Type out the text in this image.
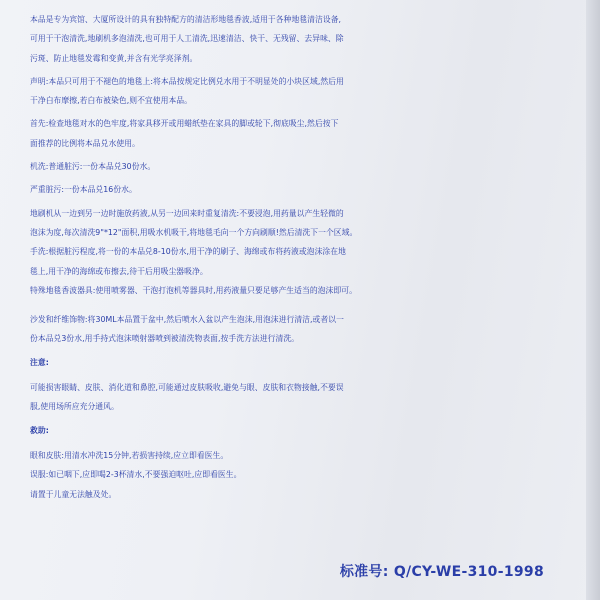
本品是专为宾馆、大厦所设计的具有独特配方的清洁形地毯香波,适用于各种地毯清洁设备,
可用于干泡清洗,地刷机多泡清洗,也可用于人工清洗,迅速清洁、快干、无残留、去异味、除
污斑、防止地毯发霉和变黄,并含有光学亮泽剂。
声明:本品只可用于不褪色的地毯上:将本品按规定比例兑水用于不明显处的小块区域,然后用
干净白布摩擦,若白布被染色,则不宜使用本品。
首先:检查地毯对水的色牢度,将家具移开或用蜡纸垫在家具的脚或轮下,彻底吸尘,然后按下
面推荐的比例将本品兑水使用。
机洗:普通脏污:一份本品兑30份水。
严重脏污:一份本品兑16份水。
地刷机从一边到另一边时施放药液,从另一边回来时重复清洗:不要浸泡,用药量以产生轻微的
泡沫为度,每次清洗9"*12"面积,用吸水机吸干,将地毯毛向一个方向刷顺!然后清洗下一个区域。
手洗:根据脏污程度,将一份的本品兑8-10份水,用干净的刷子、海绵或布将药液或泡沫涂在地
毯上,用干净的海绵或布擦去,待干后用吸尘器吸净。
特殊地毯香波器具:使用喷雾器、干泡打泡机等器具时,用药液量只要足够产生适当的泡沫即可。
沙发和纤维饰物:将30ML本品置于盆中,然后喷水入盆以产生泡沫,用泡沫进行清洁,或者以一
份本品兑3份水,用手持式泡沫喷射器喷到被清洗物表面,按手洗方法进行清洗。
注意:
可能损害眼睛、皮肤、消化道和鼻腔,可能通过皮肤吸收,避免与眼、皮肤和衣物接触,不要误
服,使用场所应充分通风。
救助:
眼和皮肤:用清水冲洗15分钟,若损害持续,应立即看医生。
误服:如已咽下,应即喝2-3杯清水,不要强迫呕吐,应即看医生。
请置于儿童无法触及处。
标准号: Q/CY-WE-310-1998
